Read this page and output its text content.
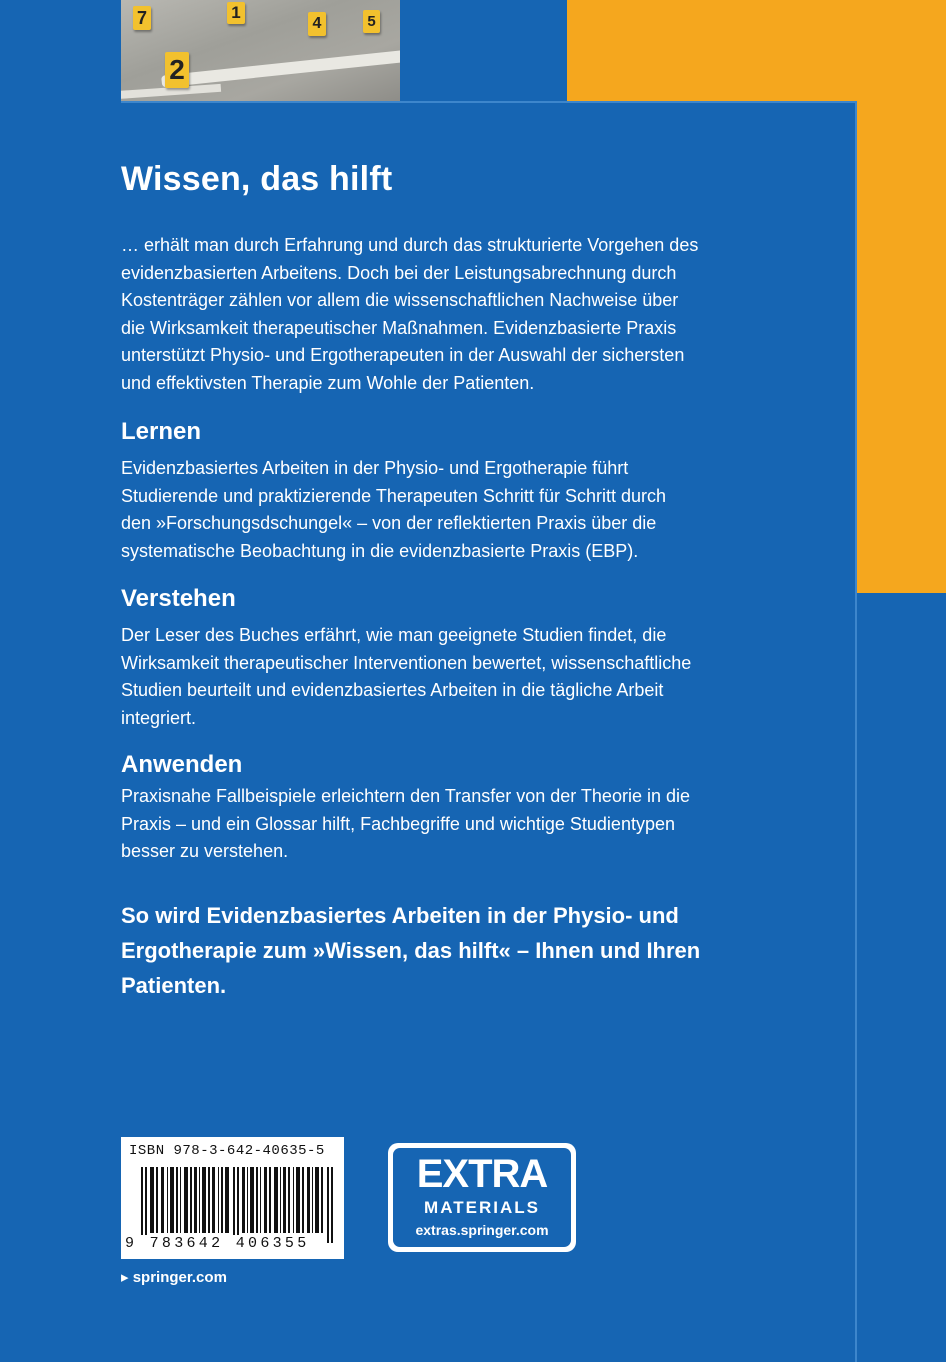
7	1
4	5
2
Wissen, das hilft

… erhält man durch Erfahrung und durch das strukturierte Vorgehen des evidenzbasierten Arbeitens. Doch bei der Leistungsabrechnung durch Kostenträger zählen vor allem die wissenschaftlichen Nachweise über die Wirksamkeit therapeutischer Maßnahmen. Evidenzbasierte Praxis unterstützt Physio- und Ergotherapeuten in der Auswahl der sichersten und effektivsten Therapie zum Wohle der Patienten.

Lernen

Evidenzbasiertes Arbeiten in der Physio- und Ergotherapie führt Studierende und praktizierende Therapeuten Schritt für Schritt durch den »Forschungsdschungel« – von der reflektierten Praxis über die systematische Beobachtung in die evidenzbasierte Praxis (EBP).

Verstehen

Der Leser des Buches erfährt, wie man geeignete Studien findet, die Wirksamkeit therapeutischer Interventionen bewertet, wissenschaftliche Studien beurteilt und evidenzbasiertes Arbeiten in die tägliche Arbeit integriert.

Anwenden

Praxisnahe Fallbeispiele erleichtern den Transfer von der Theorie in die Praxis – und ein Glossar hilft, Fachbegriffe und wichtige Studientypen besser zu verstehen.

So wird Evidenzbasiertes Arbeiten in der Physio- und Ergotherapie zum »Wissen, das hilft« – Ihnen und Ihren Patienten.
ISBN 978-3-642-40635-5
9 783642 406355
▸ springer.com
EXTRA
MATERIALS
extras.springer.com
